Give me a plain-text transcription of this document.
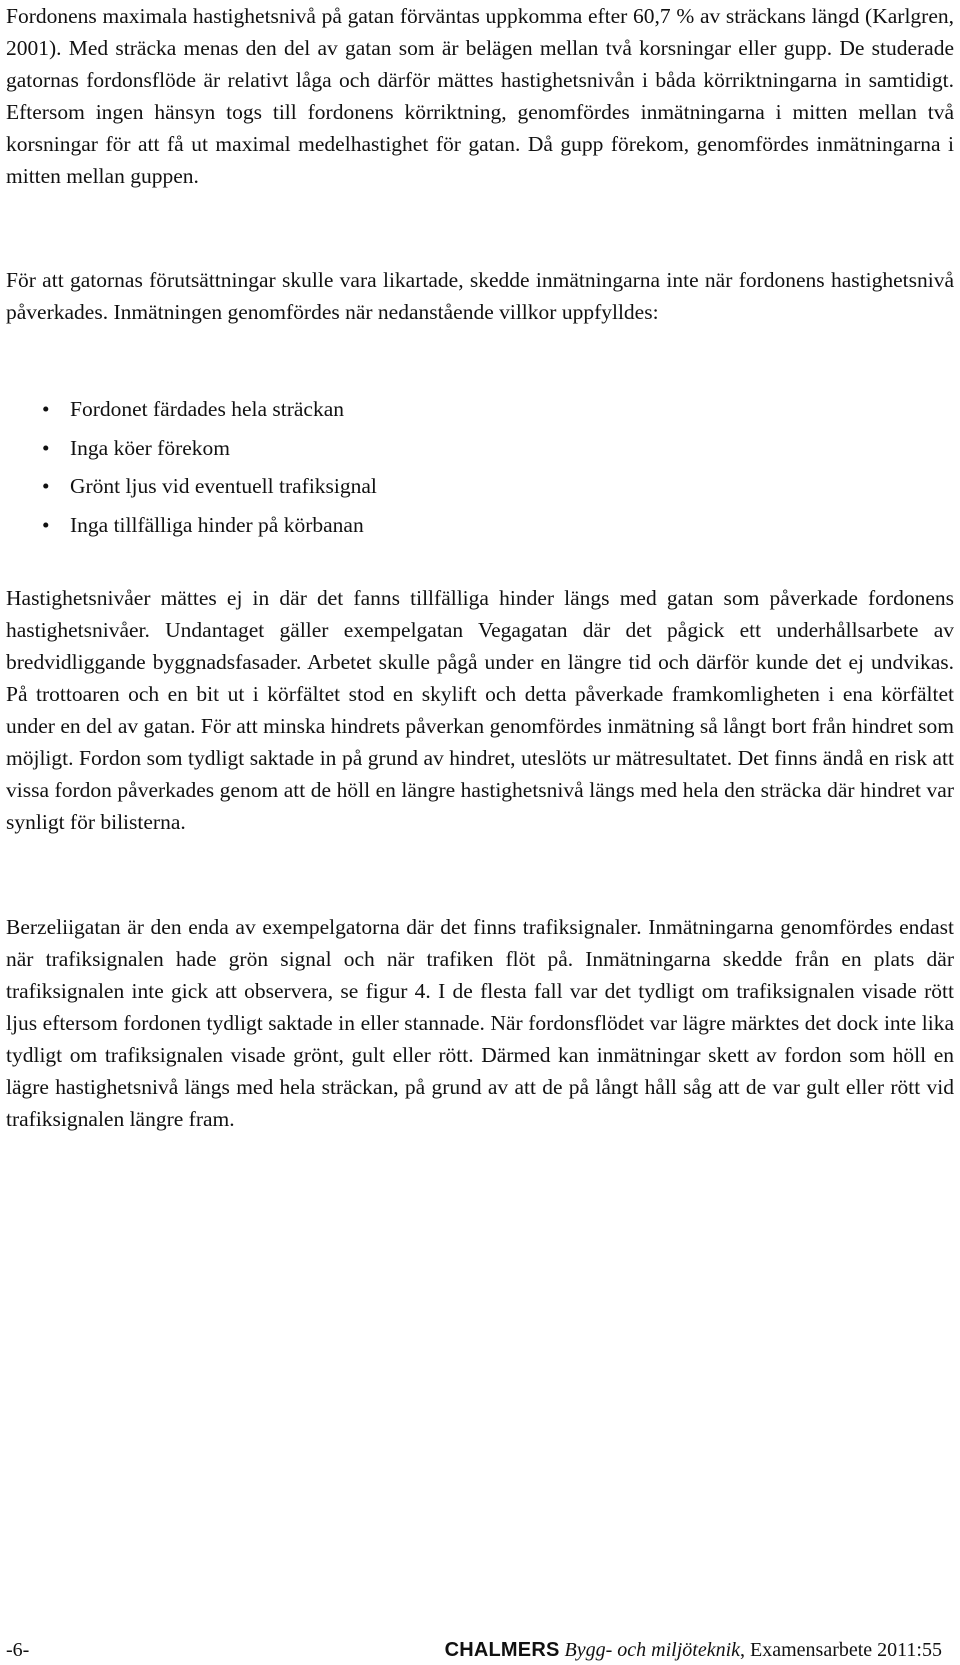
Fordonens maximala hastighetsnivå på gatan förväntas uppkomma efter 60,7 % av sträckans längd (Karlgren, 2001). Med sträcka menas den del av gatan som är belägen mellan två korsningar eller gupp. De studerade gatornas fordonsflöde är relativt låga och därför mättes hastighetsnivån i båda körriktningarna in samtidigt. Eftersom ingen hänsyn togs till fordonens körriktning, genomfördes inmätningarna i mitten mellan två korsningar för att få ut maximal medelhastighet för gatan. Då gupp förekom, genomfördes inmätningarna i mitten mellan guppen.

För att gatornas förutsättningar skulle vara likartade, skedde inmätningarna inte när fordonens hastighetsnivå påverkades. Inmätningen genomfördes när nedanstående villkor uppfylldes:

• Fordonet färdades hela sträckan
• Inga köer förekom
• Grönt ljus vid eventuell trafiksignal
• Inga tillfälliga hinder på körbanan

Hastighetsnivåer mättes ej in där det fanns tillfälliga hinder längs med gatan som påverkade fordonens hastighetsnivåer. Undantaget gäller exempelgatan Vegagatan där det pågick ett underhållsarbete av bredvidliggande byggnadsfasader. Arbetet skulle pågå under en längre tid och därför kunde det ej undvikas. På trottoaren och en bit ut i körfältet stod en skylift och detta påverkade framkomligheten i ena körfältet under en del av gatan. För att minska hindrets påverkan genomfördes inmätning så långt bort från hindret som möjligt. Fordon som tydligt saktade in på grund av hindret, uteslöts ur mätresultatet. Det finns ändå en risk att vissa fordon påverkades genom att de höll en längre hastighetsnivå längs med hela den sträcka där hindret var synligt för bilisterna.

Berzeliigatan är den enda av exempelgatorna där det finns trafiksignaler. Inmätningarna genomfördes endast när trafiksignalen hade grön signal och när trafiken flöt på. Inmätningarna skedde från en plats där trafiksignalen inte gick att observera, se figur 4. I de flesta fall var det tydligt om trafiksignalen visade rött ljus eftersom fordonen tydligt saktade in eller stannade. När fordonsflödet var lägre märktes det dock inte lika tydligt om trafiksignalen visade grönt, gult eller rött. Därmed kan inmätningar skett av fordon som höll en lägre hastighetsnivå längs med hela sträckan, på grund av att de på långt håll såg att de var gult eller rött vid trafiksignalen längre fram.

-6-	CHALMERS Bygg- och miljöteknik, Examensarbete 2011:55
